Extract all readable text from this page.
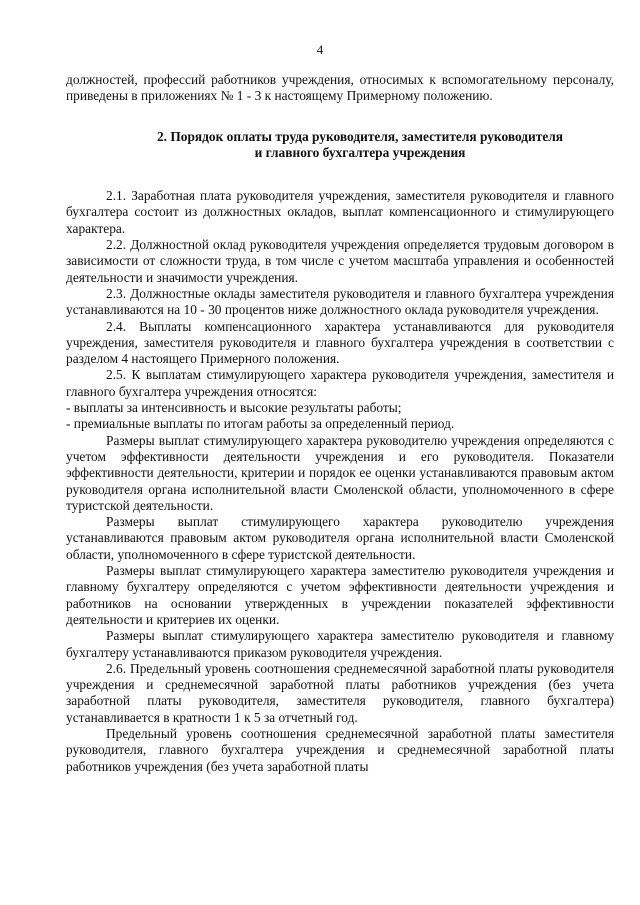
4

должностей, профессий работников учреждения, относимых к вспомогательному персоналу, приведены в приложениях № 1 - 3 к настоящему Примерному положению.

2. Порядок оплаты труда руководителя, заместителя руководителя
и главного бухгалтера учреждения

2.1. Заработная плата руководителя учреждения, заместителя руководителя и главного бухгалтера состоит из должностных окладов, выплат компенсационного и стимулирующего характера.

2.2. Должностной оклад руководителя учреждения определяется трудовым договором в зависимости от сложности труда, в том числе с учетом масштаба управления и особенностей деятельности и значимости учреждения.

2.3. Должностные оклады заместителя руководителя и главного бухгалтера учреждения устанавливаются на 10 - 30 процентов ниже должностного оклада руководителя учреждения.

2.4. Выплаты компенсационного характера устанавливаются для руководителя учреждения, заместителя руководителя и главного бухгалтера учреждения в соответствии с разделом 4 настоящего Примерного положения.

2.5. К выплатам стимулирующего характера руководителя учреждения, заместителя и главного бухгалтера учреждения относятся:

- выплаты за интенсивность и высокие результаты работы;

- премиальные выплаты по итогам работы за определенный период.

Размеры выплат стимулирующего характера руководителю учреждения определяются с учетом эффективности деятельности учреждения и его руководителя. Показатели эффективности деятельности, критерии и порядок ее оценки устанавливаются правовым актом руководителя органа исполнительной власти Смоленской области, уполномоченного в сфере туристской деятельности.

Размеры выплат стимулирующего характера руководителю учреждения устанавливаются правовым актом руководителя органа исполнительной власти Смоленской области, уполномоченного в сфере туристской деятельности.

Размеры выплат стимулирующего характера заместителю руководителя учреждения и главному бухгалтеру определяются с учетом эффективности деятельности учреждения и работников на основании утвержденных в учреждении показателей эффективности деятельности и критериев их оценки.

Размеры выплат стимулирующего характера заместителю руководителя и главному бухгалтеру устанавливаются приказом руководителя учреждения.

2.6. Предельный уровень соотношения среднемесячной заработной платы руководителя учреждения и среднемесячной заработной платы работников учреждения (без учета заработной платы руководителя, заместителя руководителя, главного бухгалтера) устанавливается в кратности 1 к 5 за отчетный год.

Предельный уровень соотношения среднемесячной заработной платы заместителя руководителя, главного бухгалтера учреждения и среднемесячной заработной платы работников учреждения (без учета заработной платы
